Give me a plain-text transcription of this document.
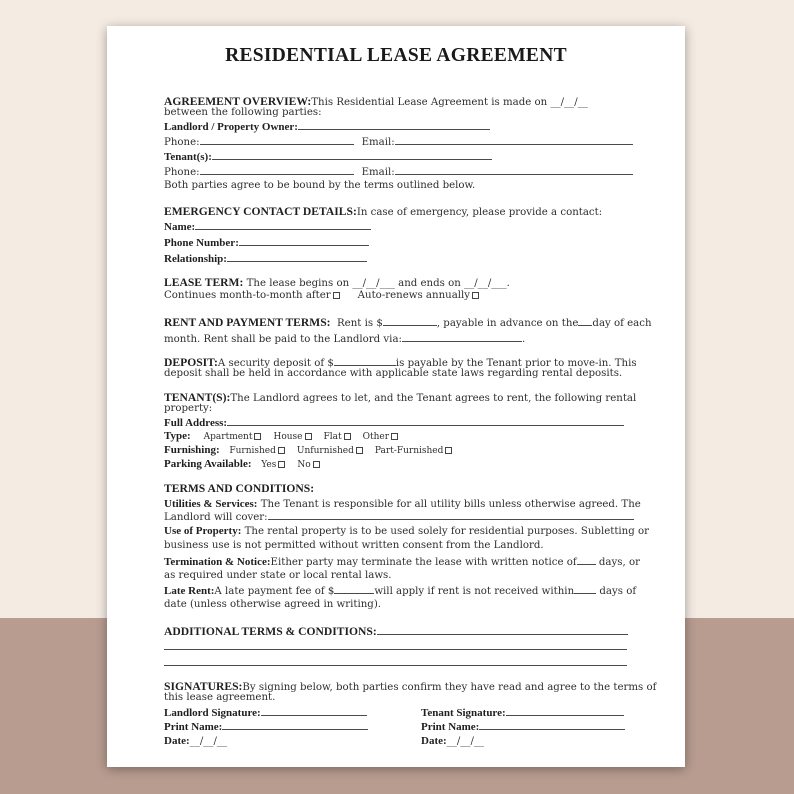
RESIDENTIAL LEASE AGREEMENT
AGREEMENT OVERVIEW:This Residential Lease Agreement is made on __/__/__
between the following parties:
Landlord / Property Owner:
Phone:	Email:
Tenant(s):
Phone:	Email:
Both parties agree to be bound by the terms outlined below.
EMERGENCY CONTACT DETAILS:In case of emergency, please provide a contact:
Name:
Phone Number:
Relationship:
LEASE TERM: The lease begins on __/__/___ and ends on __/__/___.
Continues month-to-month after	Auto-renews annually
RENT AND PAYMENT TERMS: Rent is $	, payable in advance on the day of each
month. Rent shall be paid to the Landlord via:	.
DEPOSIT:A security deposit of $	is payable by the Tenant prior to move-in. This
deposit shall be held in accordance with applicable state laws regarding rental deposits.
TENANT(S):The Landlord agrees to let, and the Tenant agrees to rent, the following rental
property:
Full Address:
Type: Apartment House Flat Other
Furnishing: Furnished Unfurnished Part-Furnished
Parking Available: Yes No
TERMS AND CONDITIONS:
Utilities & Services: The Tenant is responsible for all utility bills unless otherwise agreed. The
Landlord will cover:
Use of Property: The rental property is to be used solely for residential purposes. Subletting or
business use is not permitted without written consent from the Landlord.
Termination & Notice:Either party may terminate the lease with written notice of days, or
as required under state or local rental laws.
Late Rent:A late payment fee of $	will apply if rent is not received within days of
date (unless otherwise agreed in writing).
ADDITIONAL TERMS & CONDITIONS:
SIGNATURES:By signing below, both parties confirm they have read and agree to the terms of
this lease agreement.
Landlord Signature:	Tenant Signature:
Print Name:	Print Name:
Date:__/__/__	Date:__/__/__
